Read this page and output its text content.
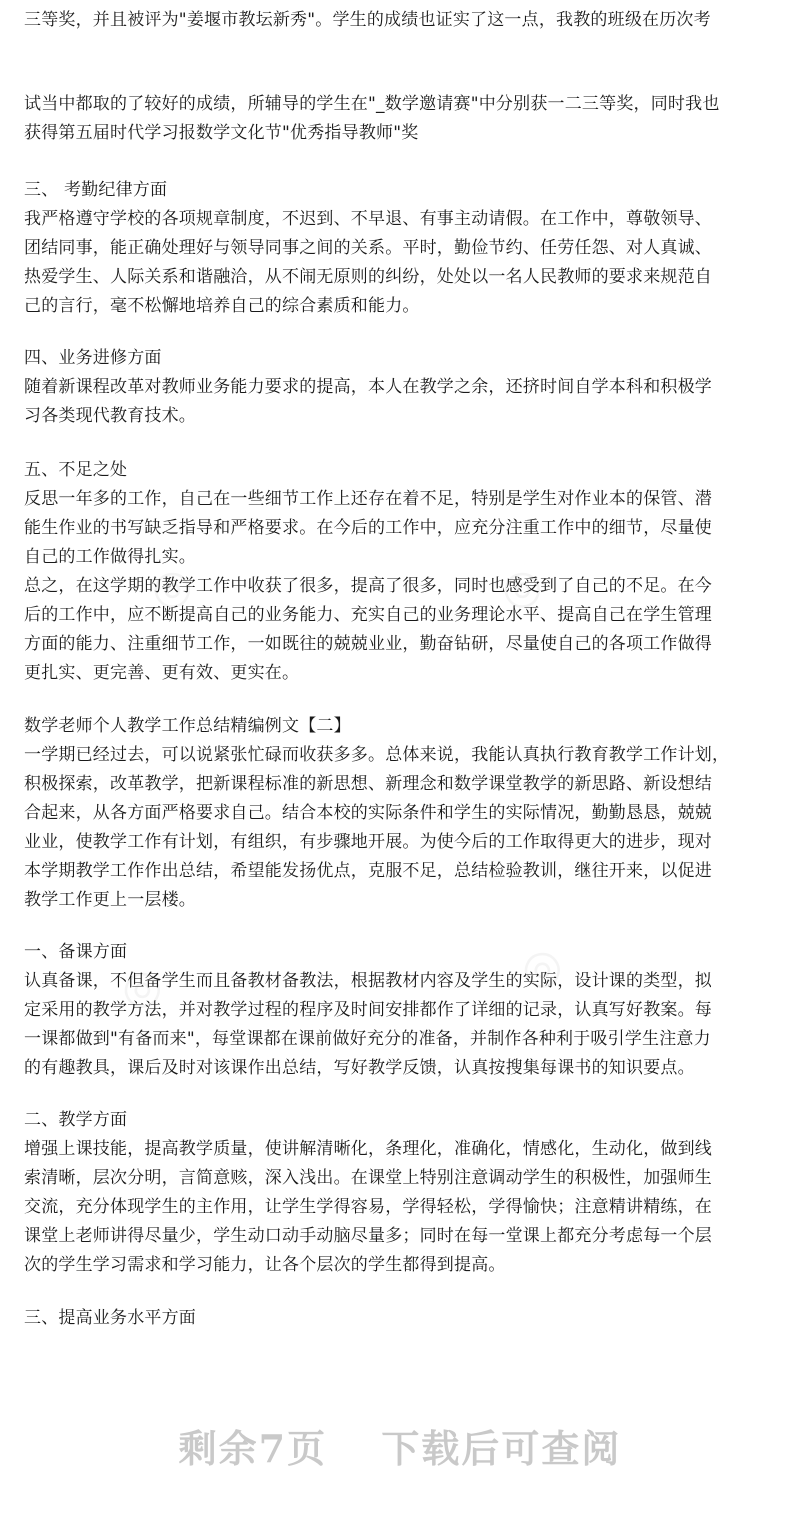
三等奖，并且被评为"姜堰市教坛新秀"。学生的成绩也证实了这一点，我教的班级在历次考
试当中都取的了较好的成绩，所辅导的学生在"_数学邀请赛"中分别获一二三等奖，同时我也
获得第五届时代学习报数学文化节"优秀指导教师"奖
三、 考勤纪律方面
我严格遵守学校的各项规章制度，不迟到、不早退、有事主动请假。在工作中，尊敬领导、
团结同事，能正确处理好与领导同事之间的关系。平时，勤俭节约、任劳任怨、对人真诚、
热爱学生、人际关系和谐融洽，从不闹无原则的纠纷，处处以一名人民教师的要求来规范自
己的言行，毫不松懈地培养自己的综合素质和能力。
四、业务进修方面
随着新课程改革对教师业务能力要求的提高，本人在教学之余，还挤时间自学本科和积极学
习各类现代教育技术。
五、不足之处
反思一年多的工作，自己在一些细节工作上还存在着不足，特别是学生对作业本的保管、潜
能生作业的书写缺乏指导和严格要求。在今后的工作中，应充分注重工作中的细节，尽量使
自己的工作做得扎实。
总之，在这学期的教学工作中收获了很多，提高了很多，同时也感受到了自己的不足。在今
后的工作中，应不断提高自己的业务能力、充实自己的业务理论水平、提高自己在学生管理
方面的能力、注重细节工作，一如既往的兢兢业业，勤奋钻研，尽量使自己的各项工作做得
更扎实、更完善、更有效、更实在。
数学老师个人教学工作总结精编例文【二】
一学期已经过去，可以说紧张忙碌而收获多多。总体来说，我能认真执行教育教学工作计划，
积极探索，改革教学，把新课程标准的新思想、新理念和数学课堂教学的新思路、新设想结
合起来，从各方面严格要求自己。结合本校的实际条件和学生的实际情况，勤勤恳恳，兢兢
业业，使教学工作有计划，有组织，有步骤地开展。为使今后的工作取得更大的进步，现对
本学期教学工作作出总结，希望能发扬优点，克服不足，总结检验教训，继往开来，以促进
教学工作更上一层楼。
一、备课方面
认真备课，不但备学生而且备教材备教法，根据教材内容及学生的实际，设计课的类型，拟
定采用的教学方法，并对教学过程的程序及时间安排都作了详细的记录，认真写好教案。每
一课都做到"有备而来"，每堂课都在课前做好充分的准备，并制作各种利于吸引学生注意力
的有趣教具，课后及时对该课作出总结，写好教学反馈，认真按搜集每课书的知识要点。
二、教学方面
增强上课技能，提高教学质量，使讲解清晰化，条理化，准确化，情感化，生动化，做到线
索清晰，层次分明，言简意赅，深入浅出。在课堂上特别注意调动学生的积极性，加强师生
交流，充分体现学生的主作用，让学生学得容易，学得轻松，学得愉快；注意精讲精练，在
课堂上老师讲得尽量少，学生动口动手动脑尽量多；同时在每一堂课上都充分考虑每一个层
次的学生学习需求和学习能力，让各个层次的学生都得到提高。
三、提高业务水平方面
剩余7页 下载后可查阅
